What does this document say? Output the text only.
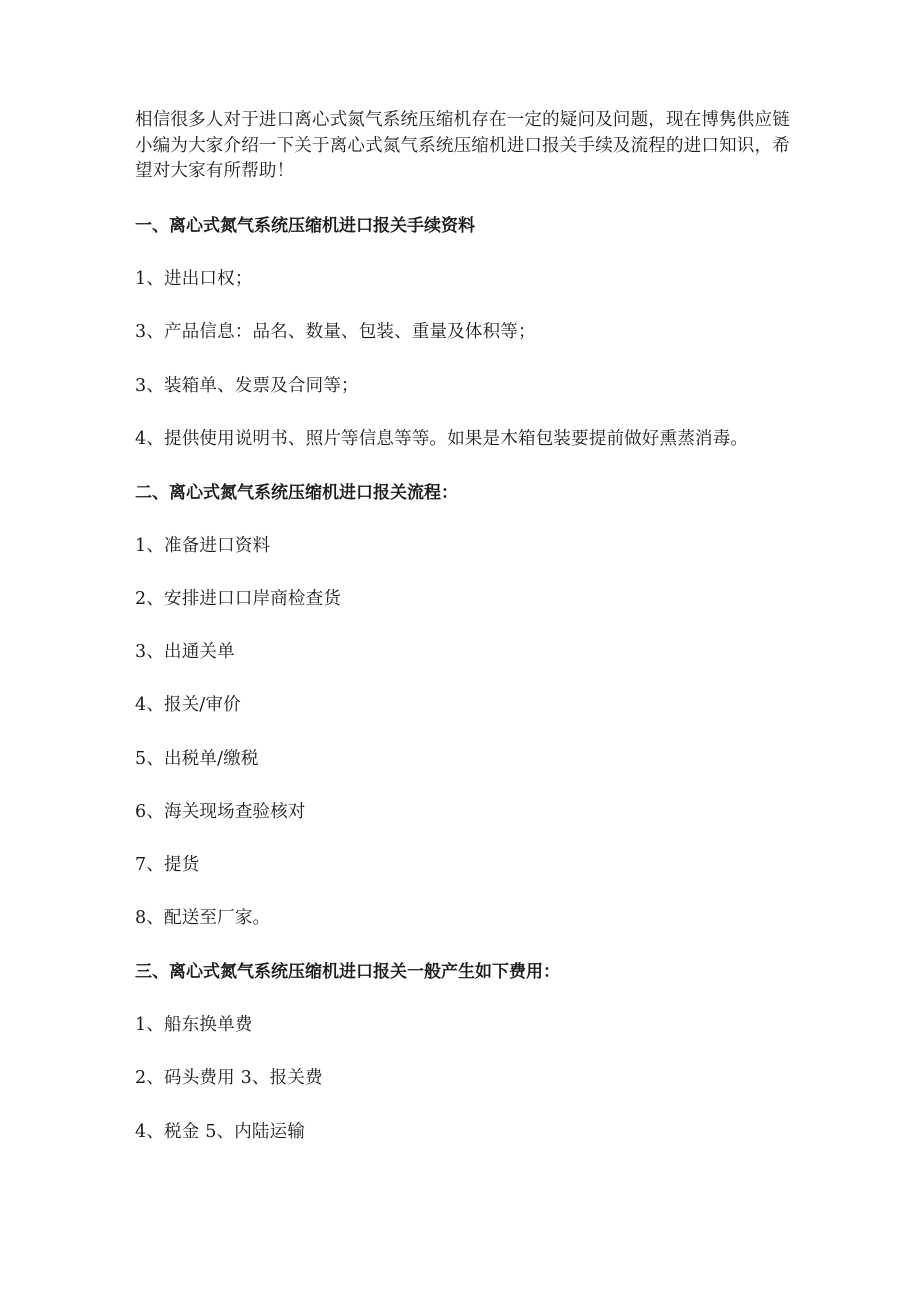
相信很多人对于进口离心式氮气系统压缩机存在一定的疑问及问题，现在博隽供应链小编为大家介绍一下关于离心式氮气系统压缩机进口报关手续及流程的进口知识，希望对大家有所帮助！

一、离心式氮气系统压缩机进口报关手续资料

1、进出口权；

3、产品信息：品名、数量、包装、重量及体积等；

3、装箱单、发票及合同等；

4、提供使用说明书、照片等信息等等。如果是木箱包装要提前做好熏蒸消毒。

二、离心式氮气系统压缩机进口报关流程：

1、准备进口资料

2、安排进口口岸商检查货

3、出通关单

4、报关/审价

5、出税单/缴税

6、海关现场查验核对

7、提货

8、配送至厂家。

三、离心式氮气系统压缩机进口报关一般产生如下费用：

1、船东换单费

2、码头费用 3、报关费

4、税金 5、内陆运输
